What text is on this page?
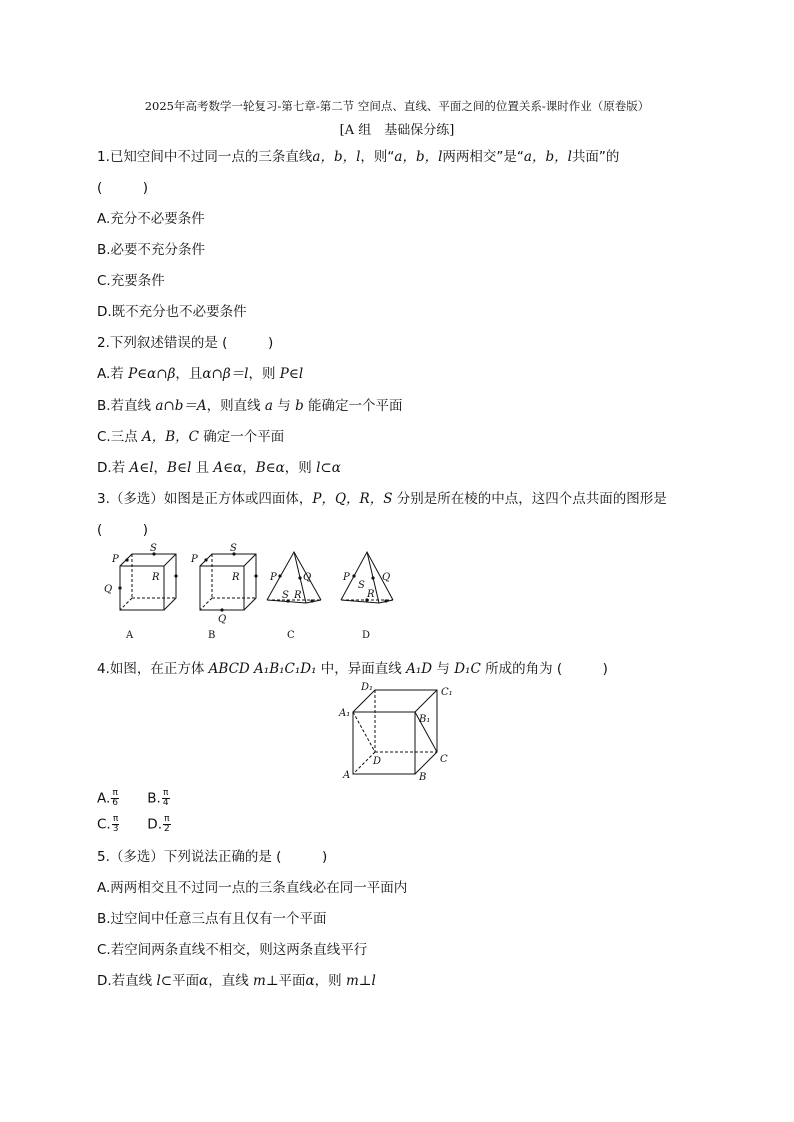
2025年高考数学一轮复习-第七章-第二节 空间点、直线、平面之间的位置关系-课时作业（原卷版）
[A 组　基础保分练]
1.已知空间中不过同一点的三条直线a，b，l，则“a，b，l两两相交”是“a，b，l共面”的
(　　　)
A.充分不必要条件
B.必要不充分条件
C.充要条件
D.既不充分也不必要条件
2.下列叙述错误的是 (　　　)
A.若 P∈α∩β，且α∩β＝l，则 P∈l
B.若直线 a∩b＝A，则直线 a 与 b 能确定一个平面
C.三点 A，B，C 确定一个平面
D.若 A∈l，B∈l 且 A∈α，B∈α，则 l⊂α
3.（多选）如图是正方体或四面体，P，Q，R，S 分别是所在棱的中点，这四个点共面的图形是
(　　　)
P
S
R
Q
P
S
R
Q
P	Q
S R
P	Q
S
R
A	B	C	D
4.如图，在正方体 ABCD A₁B₁C₁D₁ 中，异面直线 A₁D 与 D₁C 所成的角为 (　　　)
D₁	C₁
A₁
B₁
D	C
A	B
A. $\frac{\pi}{6} B$. $\frac{\pi}{4}$
C. $\frac{\pi}{3} D$. $\frac{\pi}{2}$
5.（多选）下列说法正确的是 (　　　)
A.两两相交且不过同一点的三条直线必在同一平面内
B.过空间中任意三点有且仅有一个平面
C.若空间两条直线不相交，则这两条直线平行
D.若直线 l⊂平面α，直线 m⊥平面α，则 m⊥l
